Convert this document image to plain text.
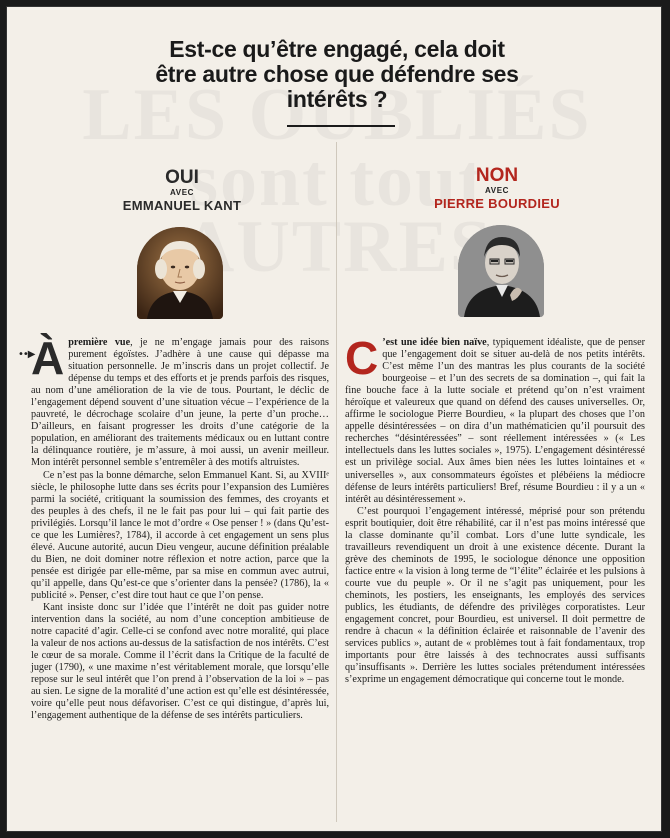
Est-ce qu’être engagé, cela doit être autre chose que défendre ses intérêts ?
OUI
AVEC
EMMANUEL KANT
NON
AVEC
PIERRE BOURDIEU
••▶

Àpremière vue, je ne m’engage jamais pour des raisons purement égoïstes. J’adhère à une cause qui dépasse ma situation personnelle. Je m’inscris dans un projet collectif. Je dépense du temps et des efforts et je prends parfois des risques, au nom d’une amélioration de la vie de tous. Pourtant, le déclic de l’engagement dépend souvent d’une situation vécue – l’expérience de la pauvreté, le décrochage scolaire d’un jeune, la perte d’un proche… D’ailleurs, en faisant progresser les droits d’une catégorie de la population, en améliorant des traitements médicaux ou en luttant contre la délinquance routière, je m’assure, à moi aussi, un avenir meilleur. Mon intérêt personnel semble s’entremêler à des motifs altruistes.

Ce n’est pas la bonne démarche, selon Emmanuel Kant. Si, au XVIIIᵉ siècle, le philosophe lutte dans ses écrits pour l’expansion des Lumières parmi la société, critiquant la soumission des femmes, des croyants et des peuples à des chefs, il ne le fait pas pour lui – qui fait partie des privilégiés. Lorsqu’il lance le mot d’ordre « Ose penser ! » (dans Qu’est-ce que les Lumières?, 1784), il accorde à cet engagement un sens plus élevé. Aucune autorité, aucun Dieu vengeur, aucune définition préalable du Bien, ne doit dominer notre réflexion et notre action, parce que la pensée est dirigée par elle-même, par sa mise en commun avec autrui, qu’il appelle, dans Qu’est-ce que s’orienter dans la pensée? (1786), la « publicité ». Penser, c’est dire tout haut ce que l’on pense.

Kant insiste donc sur l’idée que l’intérêt ne doit pas guider notre intervention dans la société, au nom d’une conception ambitieuse de notre capacité d’agir. Celle-ci se confond avec notre moralité, qui place la valeur de nos actions au-dessus de la satisfaction de nos intérêts. C’est le cœur de sa morale. Comme il l’écrit dans la Critique de la faculté de juger (1790), « une maxime n’est véritablement morale, que lorsqu’elle repose sur le seul intérêt que l’on prend à l’observation de la loi » – pas au sien. Le signe de la moralité d’une action est qu’elle est désintéressée, voire qu’elle peut nous défavoriser. C’est ce qui distingue, d’après lui, l’engagement authentique de la défense de ses intérêts particuliers.

C ’est une idée bien naïve, typiquement idéaliste, que de penser que l’engagement doit se situer au-delà de nos petits intérêts. C’est même l’un des mantras les plus courants de la société bourgeoise – et l’un des secrets de sa domination –, qui fait la fine bouche face à la lutte sociale et prétend qu’on n’est vraiment héroïque et valeureux que quand on défend des causes universelles. Or, affirme le sociologue Pierre Bourdieu, « la plupart des choses que l’on appelle désintéressées – on dira d’un mathématicien qu’il poursuit des recherches “désintéressées” – sont réellement intéressées » (« Les intellectuels dans les luttes sociales », 1975). L’engagement désintéressé est un privilège social. Aux âmes bien nées les luttes lointaines et « universelles », aux consommateurs égoïstes et plébéiens la médiocre défense de leurs intérêts particuliers! Bref, résume Bourdieu : il y a un « intérêt au désintéressement ».

C’est pourquoi l’engagement intéressé, méprisé pour son prétendu esprit boutiquier, doit être réhabilité, car il n’est pas moins intéressé que la classe dominante qu’il combat. Lors d’une lutte syndicale, les travailleurs revendiquent un droit à une existence décente. Durant la grève des cheminots de 1995, le sociologue dénonce une opposition factice entre « la vision à long terme de “l’élite” éclairée et les pulsions à courte vue du peuple ». Or il ne s’agit pas uniquement, pour les cheminots, les postiers, les enseignants, les employés des services publics, les étudiants, de défendre des privilèges corporatistes. Leur engagement concret, pour Bourdieu, est universel. Il doit permettre de rendre à chacun « la définition éclairée et raisonnable de l’avenir des services publics », autant de « problèmes tout à fait fondamentaux, trop importants pour être laissés à des technocrates aussi suffisants qu’insuffisants ». Derrière les luttes sociales prétendument intéressées s’exprime un engagement démocratique qui concerne tout le monde.
